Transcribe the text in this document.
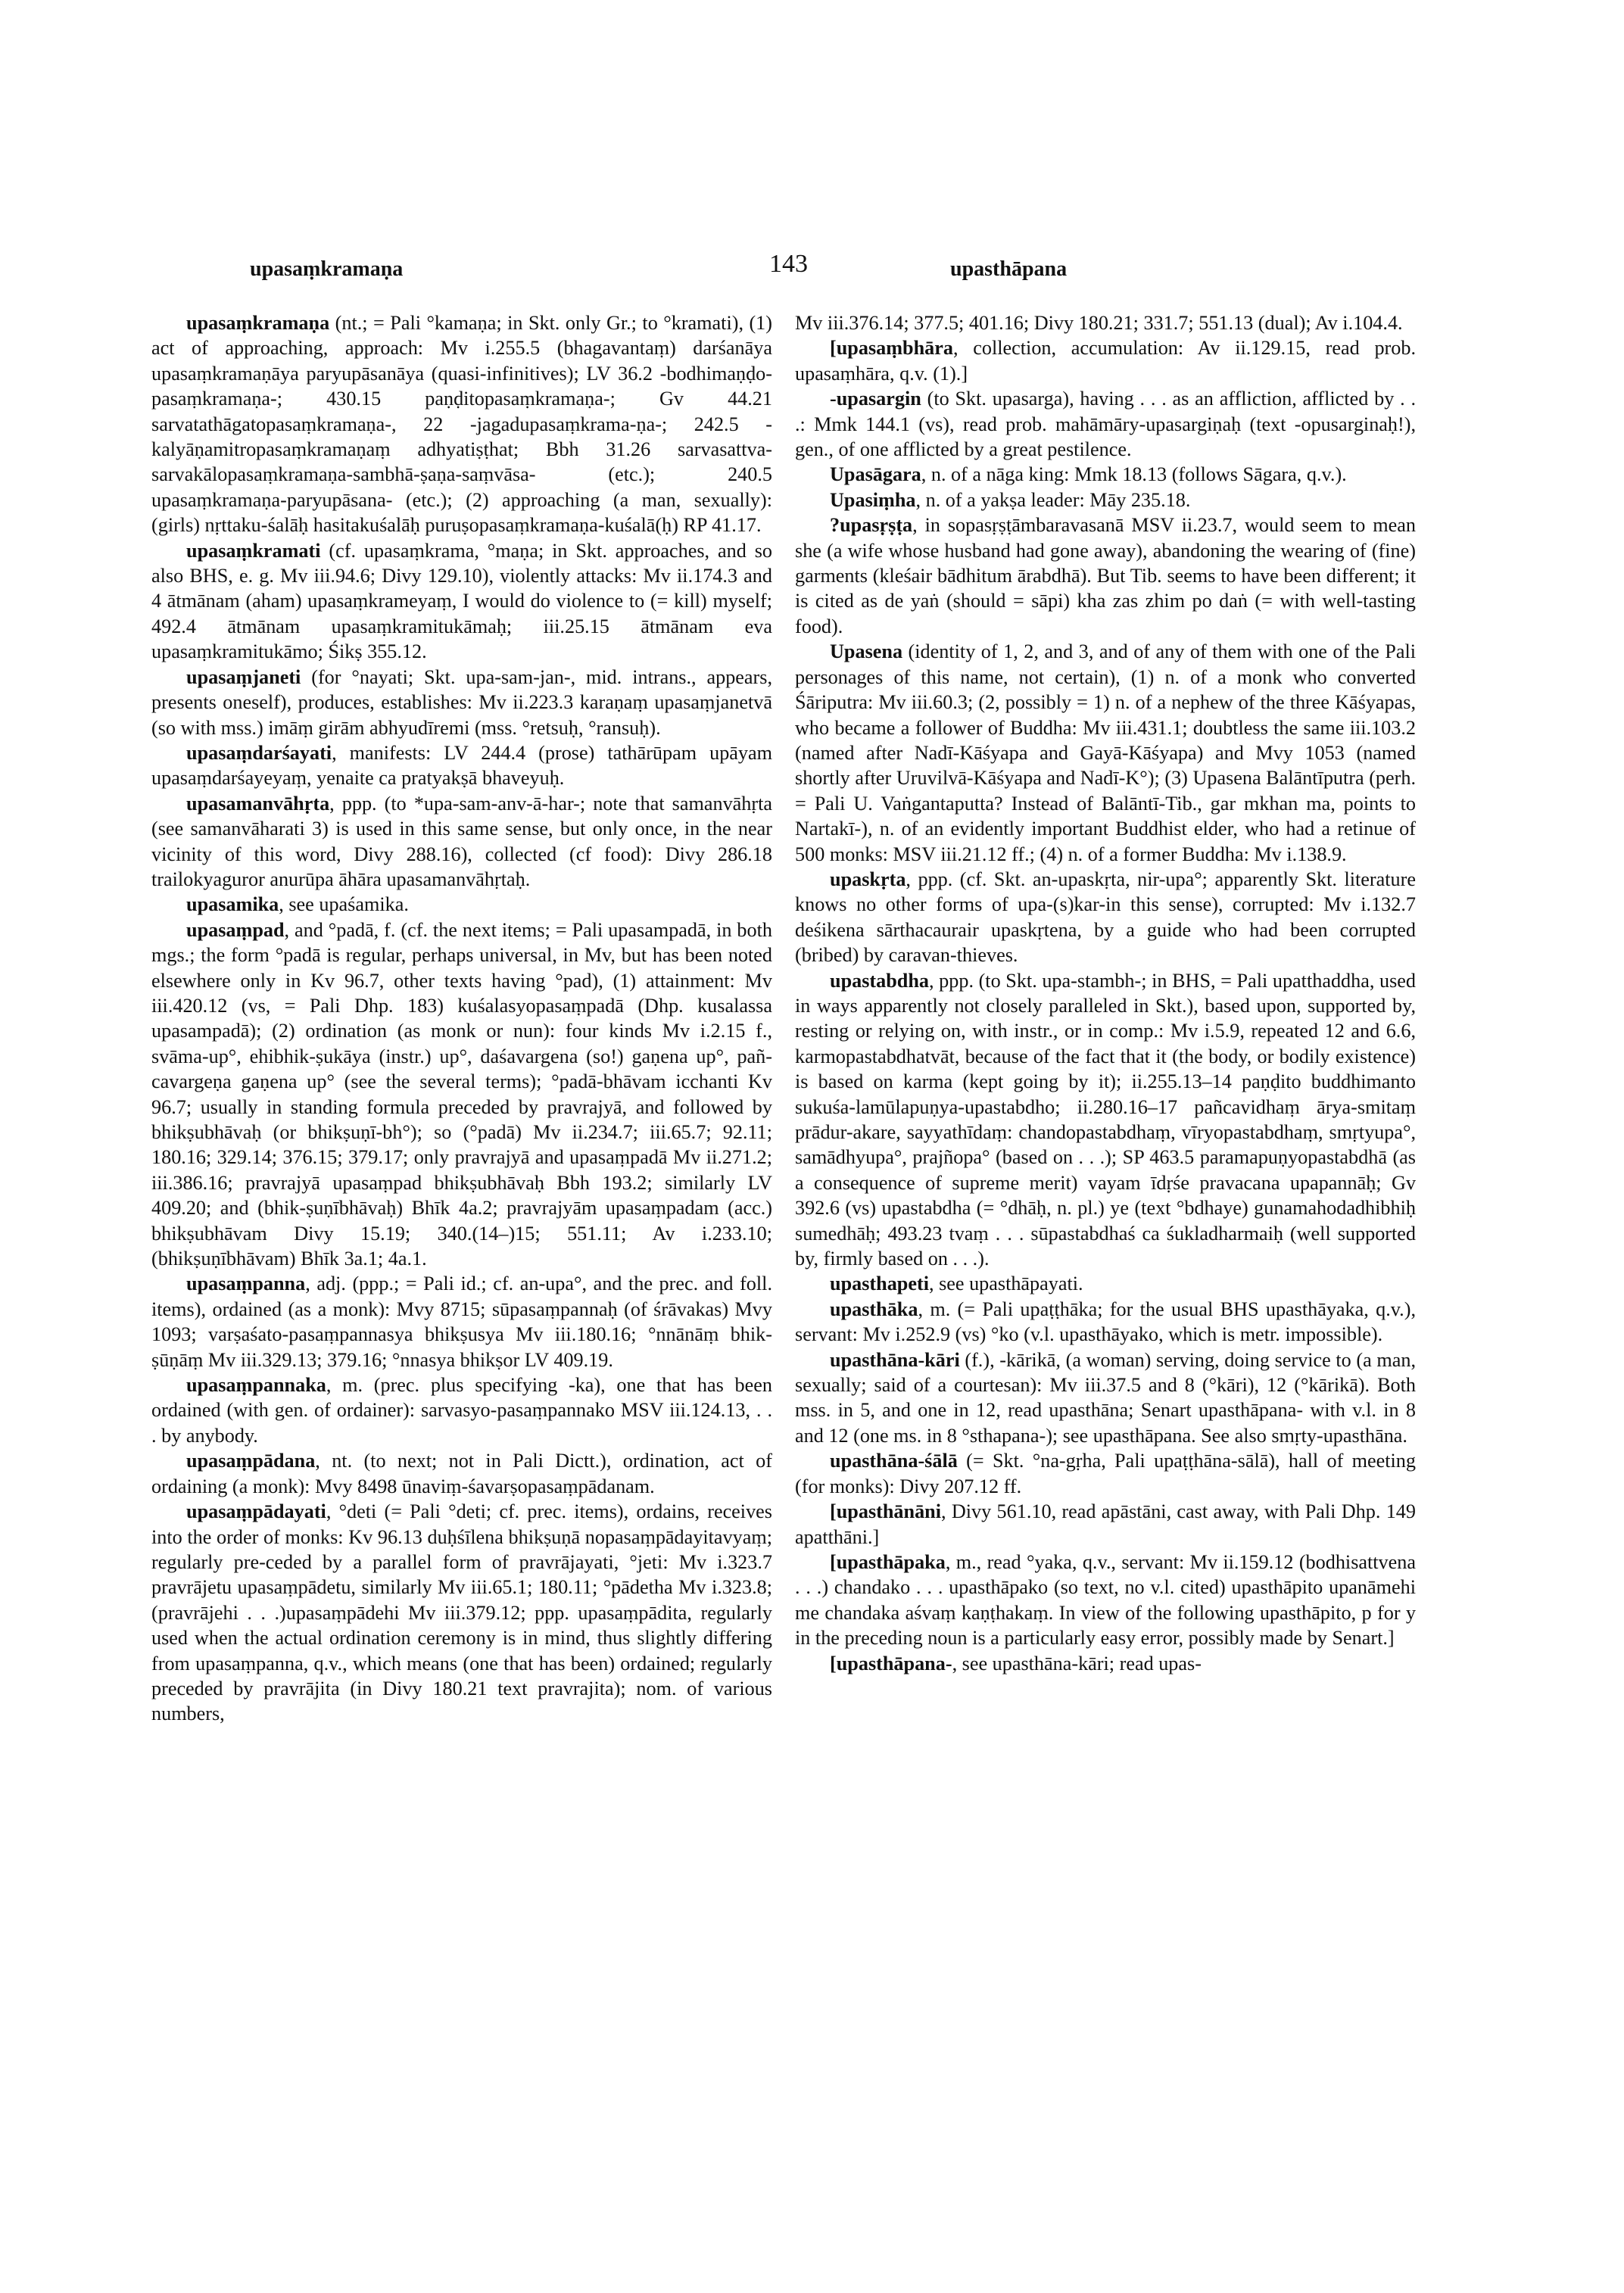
upasaṃkramaṇa	143	upasthāpana

upasaṃkramaṇa (nt.; = Pali °kamaṇa; in Skt. only Gr.; to °kramati), (1) act of approaching, approach: Mv i.255.5 (bhagavantaṃ) darśanāya upasaṃkramaṇāya paryupāsanāya (quasi-infinitives); LV 36.2 -bodhimaṇḍo-pasaṃkramaṇa-; 430.15 paṇḍitopasaṃkramaṇa-; Gv 44.21 sarvatathāgatopasaṃkramaṇa-, 22 -jagadupasaṃkrama-ṇa-; 242.5 -kalyāṇamitropasaṃkramaṇaṃ adhyatiṣṭhat; Bbh 31.26 sarvasattva-sarvakālopasaṃkramaṇa-sambhā-ṣaṇa-saṃvāsa- (etc.); 240.5 upasaṃkramaṇa-paryupāsana- (etc.); (2) approaching (a man, sexually): (girls) nṛttaku-śalāḥ hasitakuśalāḥ puruṣopasaṃkramaṇa-kuśalā(ḥ) RP 41.17.

upasaṃkramati (cf. upasaṃkrama, °maṇa; in Skt. approaches, and so also BHS, e. g. Mv iii.94.6; Divy 129.10), violently attacks: Mv ii.174.3 and 4 ātmānam (aham) upasaṃkrameyaṃ, I would do violence to (= kill) myself; 492.4 ātmānam upasaṃkramitukāmaḥ; iii.25.15 ātmānam eva upasaṃkramitukāmo; Śikṣ 355.12.

upasaṃjaneti (for °nayati; Skt. upa-sam-jan-, mid. intrans., appears, presents oneself), produces, establishes: Mv ii.223.3 karaṇaṃ upasaṃjanetvā (so with mss.) imāṃ girām abhyudīremi (mss. °retsuḥ, °ransuḥ).

upasaṃdarśayati, manifests: LV 244.4 (prose) tathārūpam upāyam upasaṃdarśayeyaṃ, yenaite ca pratyakṣā bhaveyuḥ.

upasamanvāhṛta, ppp. (to *upa-sam-anv-ā-har-; note that samanvāhṛta (see samanvāharati 3) is used in this same sense, but only once, in the near vicinity of this word, Divy 288.16), collected (cf food): Divy 286.18 trailokyaguror anurūpa āhāra upasamanvāhṛtaḥ.

upasamika, see upaśamika.

upasaṃpad, and °padā, f. (cf. the next items; = Pali upasampadā, in both mgs.; the form °padā is regular, perhaps universal, in Mv, but has been noted elsewhere only in Kv 96.7, other texts having °pad), (1) attainment: Mv iii.420.12 (vs, = Pali Dhp. 183) kuśalasyopasaṃpadā (Dhp. kusalassa upasampadā); (2) ordination (as monk or nun): four kinds Mv i.2.15 f., svāma-up°, ehibhik-ṣukāya (instr.) up°, daśavargena (so!) gaṇena up°, pañ-cavargeṇa gaṇena up° (see the several terms); °padā-bhāvam icchanti Kv 96.7; usually in standing formula preceded by pravrajyā, and followed by bhikṣubhāvaḥ (or bhikṣuṇī-bh°); so (°padā) Mv ii.234.7; iii.65.7; 92.11; 180.16; 329.14; 376.15; 379.17; only pravrajyā and upasaṃpadā Mv ii.271.2; iii.386.16; pravrajyā upasaṃpad bhikṣubhāvaḥ Bbh 193.2; similarly LV 409.20; and (bhik-ṣuṇībhāvaḥ) Bhīk 4a.2; pravrajyām upasaṃpadam (acc.) bhikṣubhāvam Divy 15.19; 340.(14–)15; 551.11; Av i.233.10; (bhikṣuṇībhāvam) Bhīk 3a.1; 4a.1.

upasaṃpanna, adj. (ppp.; = Pali id.; cf. an-upa°, and the prec. and foll. items), ordained (as a monk): Mvy 8715; sūpasaṃpannaḥ (of śrāvakas) Mvy 1093; varṣaśato-pasaṃpannasya bhikṣusya Mv iii.180.16; °nnānāṃ bhik-ṣūṇāṃ Mv iii.329.13; 379.16; °nnasya bhikṣor LV 409.19.

upasaṃpannaka, m. (prec. plus specifying -ka), one that has been ordained (with gen. of ordainer): sarvasyo-pasaṃpannako MSV iii.124.13, . . . by anybody.

upasaṃpādana, nt. (to next; not in Pali Dictt.), ordination, act of ordaining (a monk): Mvy 8498 ūnaviṃ-śavarṣopasaṃpādanam.

upasaṃpādayati, °deti (= Pali °deti; cf. prec. items), ordains, receives into the order of monks: Kv 96.13 duḥśīlena bhikṣuṇā nopasaṃpādayitavyaṃ; regularly pre-ceded by a parallel form of pravrājayati, °jeti: Mv i.323.7 pravrājetu upasaṃpādetu, similarly Mv iii.65.1; 180.11; °pādetha Mv i.323.8; (pravrājehi . . .)upasaṃpādehi Mv iii.379.12; ppp. upasaṃpādita, regularly used when the actual ordination ceremony is in mind, thus slightly differing from upasaṃpanna, q.v., which means (one that has been) ordained; regularly preceded by pravrājita (in Divy 180.21 text pravrajita); nom. of various numbers,

Mv iii.376.14; 377.5; 401.16; Divy 180.21; 331.7; 551.13 (dual); Av i.104.4.

[upasaṃbhāra, collection, accumulation: Av ii.129.15, read prob. upasaṃhāra, q.v. (1).]

-upasargin (to Skt. upasarga), having . . . as an affliction, afflicted by . . .: Mmk 144.1 (vs), read prob. mahāmāry-upasargiṇaḥ (text -opusarginaḥ!), gen., of one afflicted by a great pestilence.

Upasāgara, n. of a nāga king: Mmk 18.13 (follows Sāgara, q.v.).

Upasiṃha, n. of a yakṣa leader: Māy 235.18.

?upasṛṣṭa, in sopasṛṣṭāmbaravasanā MSV ii.23.7, would seem to mean she (a wife whose husband had gone away), abandoning the wearing of (fine) garments (kleśair bādhitum ārabdhā). But Tib. seems to have been different; it is cited as de yaṅ (should = sāpi) kha zas zhim po daṅ (= with well-tasting food).

Upasena (identity of 1, 2, and 3, and of any of them with one of the Pali personages of this name, not certain), (1) n. of a monk who converted Śāriputra: Mv iii.60.3; (2, possibly = 1) n. of a nephew of the three Kāśyapas, who became a follower of Buddha: Mv iii.431.1; doubtless the same iii.103.2 (named after Nadī-Kāśyapa and Gayā-Kāśyapa) and Mvy 1053 (named shortly after Uruvilvā-Kāśyapa and Nadī-K°); (3) Upasena Balāntīputra (perh. = Pali U. Vaṅgantaputta? Instead of Balāntī-Tib., gar mkhan ma, points to Nartakī-), n. of an evidently important Buddhist elder, who had a retinue of 500 monks: MSV iii.21.12 ff.; (4) n. of a former Buddha: Mv i.138.9.

upaskṛta, ppp. (cf. Skt. an-upaskṛta, nir-upa°; apparently Skt. literature knows no other forms of upa-(s)kar-in this sense), corrupted: Mv i.132.7 deśikena sārthacaurair upaskṛtena, by a guide who had been corrupted (bribed) by caravan-thieves.

upastabdha, ppp. (to Skt. upa-stambh-; in BHS, = Pali upatthaddha, used in ways apparently not closely paralleled in Skt.), based upon, supported by, resting or relying on, with instr., or in comp.: Mv i.5.9, repeated 12 and 6.6, karmopastabdhatvāt, because of the fact that it (the body, or bodily existence) is based on karma (kept going by it); ii.255.13–14 paṇḍito buddhimanto sukuśa-lamūlapuṇya-upastabdho; ii.280.16–17 pañcavidhaṃ ārya-smitaṃ prādur-akare, sayyathīdaṃ: chandopastabdhaṃ, vīryopastabdhaṃ, smṛtyupa°, samādhyupa°, prajñopa° (based on . . .); SP 463.5 paramapuṇyopastabdhā (as a consequence of supreme merit) vayam īdṛśe pravacana upapannāḥ; Gv 392.6 (vs) upastabdha (= °dhāḥ, n. pl.) ye (text °bdhaye) gunamahodadhibhiḥ sumedhāḥ; 493.23 tvaṃ . . . sūpastabdhaś ca śukladharmaiḥ (well supported by, firmly based on . . .).

upasthapeti, see upasthāpayati.

upasthāka, m. (= Pali upaṭṭhāka; for the usual BHS upasthāyaka, q.v.), servant: Mv i.252.9 (vs) °ko (v.l. upasthāyako, which is metr. impossible).

upasthāna-kāri (f.), -kārikā, (a woman) serving, doing service to (a man, sexually; said of a courtesan): Mv iii.37.5 and 8 (°kāri), 12 (°kārikā). Both mss. in 5, and one in 12, read upasthāna; Senart upasthāpana- with v.l. in 8 and 12 (one ms. in 8 °sthapana-); see upasthāpana. See also smṛty-upasthāna.

upasthāna-śālā (= Skt. °na-gṛha, Pali upaṭṭhāna-sālā), hall of meeting (for monks): Divy 207.12 ff.

[upasthānāni, Divy 561.10, read apāstāni, cast away, with Pali Dhp. 149 apatthāni.]

[upasthāpaka, m., read °yaka, q.v., servant: Mv ii.159.12 (bodhisattvena . . .) chandako . . . upasthāpako (so text, no v.l. cited) upasthāpito upanāmehi me chandaka aśvaṃ kaṇṭhakaṃ. In view of the following upasthāpito, p for y in the preceding noun is a particularly easy error, possibly made by Senart.]

[upasthāpana-, see upasthāna-kāri; read upas-
